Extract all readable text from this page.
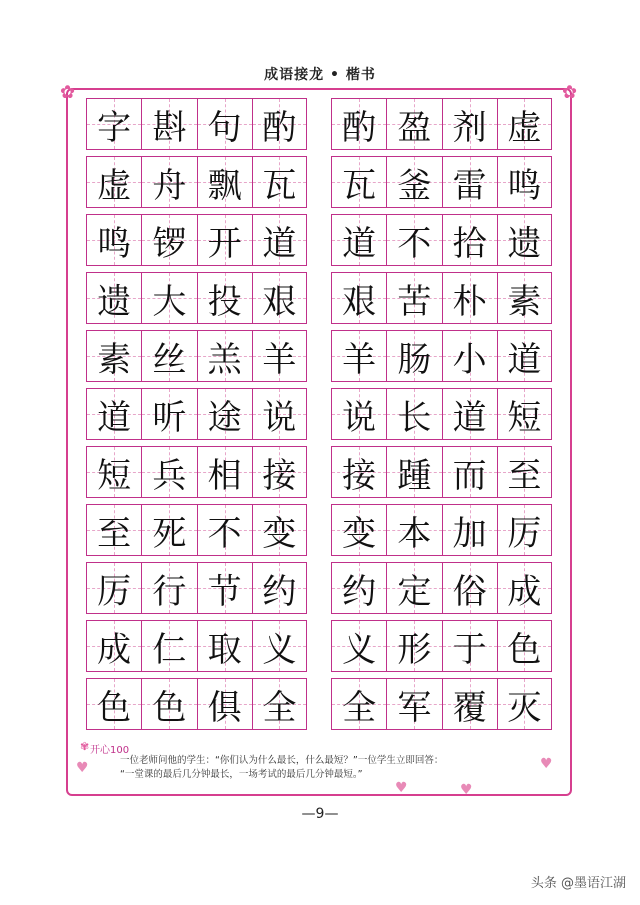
成语接龙 • 楷书
✿	✿
字 斟 句 酌
虚 舟 飘 瓦
鸣 锣 开 道
遗 大 投 艰
素 丝 羔 羊
道 听 途 说
短 兵 相 接
至 死 不 变
厉 行 节 约
成 仁 取 义
色 色 俱 全
酌 盈 剂 虚
瓦 釜 雷 鸣
道 不 拾 遗
艰 苦 朴 素
羊 肠 小 道
说 长 道 短
接 踵 而 至
变 本 加 厉
约 定 俗 成
义 形 于 色
全 军 覆 灭
✾ 开心100
一位老师问他的学生：“你们认为什么最长，什么最短？”一位学生立即回答：
“一堂课的最后几分钟最长，一场考试的最后几分钟最短。”
♥	♥
♥	♥
—9—
头条 @墨语江湖
